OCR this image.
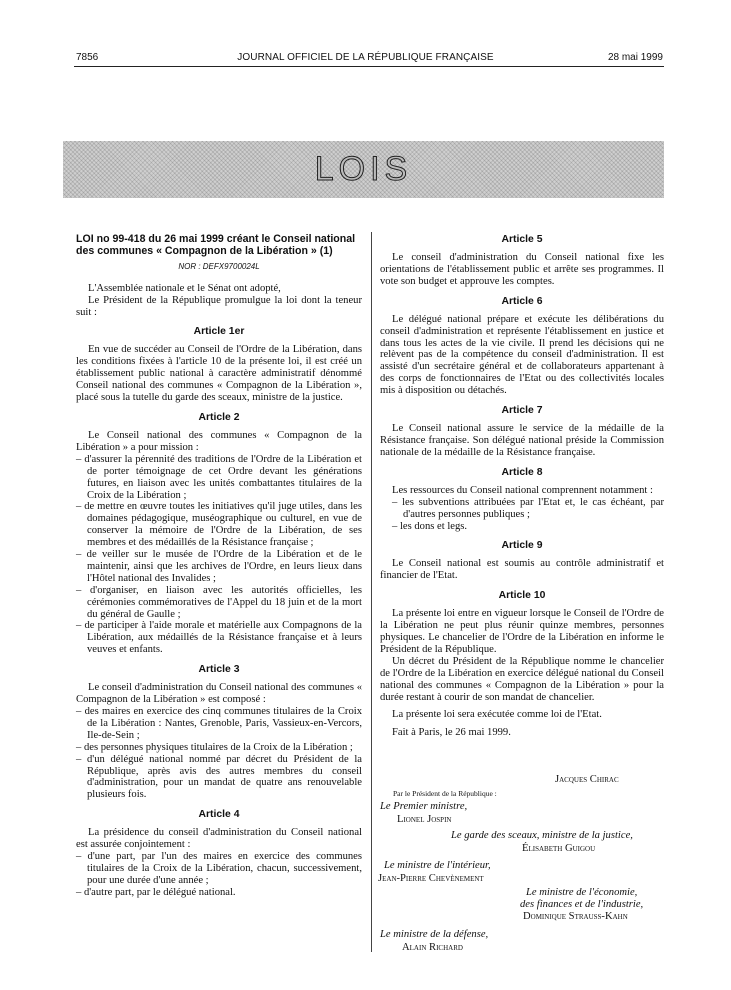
7856	JOURNAL OFFICIEL DE LA RÉPUBLIQUE FRANÇAISE	28 mai 1999
LOIS

LOI no 99-418 du 26 mai 1999 créant le Conseil national des communes « Compagnon de la Libération » (1)

NOR : DEFX9700024L

L'Assemblée nationale et le Sénat ont adopté,

Le Président de la République promulgue la loi dont la teneur suit :

Article 1er

En vue de succéder au Conseil de l'Ordre de la Libération, dans les conditions fixées à l'article 10 de la présente loi, il est créé un établissement public national à caractère administratif dénommé Conseil national des communes « Compagnon de la Libération », placé sous la tutelle du garde des sceaux, ministre de la justice.

Article 2

Le Conseil national des communes « Compagnon de la Libération » a pour mission :

– d'assurer la pérennité des traditions de l'Ordre de la Libération et de porter témoignage de cet Ordre devant les générations futures, en liaison avec les unités combattantes titulaires de la Croix de la Libération ;
– de mettre en œuvre toutes les initiatives qu'il juge utiles, dans les domaines pédagogique, muséographique ou culturel, en vue de conserver la mémoire de l'Ordre de la Libération, de ses membres et des médaillés de la Résistance française ;
– de veiller sur le musée de l'Ordre de la Libération et de le maintenir, ainsi que les archives de l'Ordre, en leurs lieux dans l'Hôtel national des Invalides ;
– d'organiser, en liaison avec les autorités officielles, les cérémonies commémoratives de l'Appel du 18 juin et de la mort du général de Gaulle ;
– de participer à l'aide morale et matérielle aux Compagnons de la Libération, aux médaillés de la Résistance française et à leurs veuves et enfants.
Article 3

Le conseil d'administration du Conseil national des communes « Compagnon de la Libération » est composé :

– des maires en exercice des cinq communes titulaires de la Croix de la Libération : Nantes, Grenoble, Paris, Vassieux-en-Vercors, Ile-de-Sein ;
– des personnes physiques titulaires de la Croix de la Libération ;
– d'un délégué national nommé par décret du Président de la République, après avis des autres membres du conseil d'administration, pour un mandat de quatre ans renouvelable plusieurs fois.
Article 4

La présidence du conseil d'administration du Conseil national est assurée conjointement :

– d'une part, par l'un des maires en exercice des communes titulaires de la Croix de la Libération, chacun, successivement, pour une durée d'une année ;
– d'autre part, par le délégué national.
Article 5

Le conseil d'administration du Conseil national fixe les orientations de l'établissement public et arrête ses programmes. Il vote son budget et approuve les comptes.

Article 6

Le délégué national prépare et exécute les délibérations du conseil d'administration et représente l'établissement en justice et dans tous les actes de la vie civile. Il prend les décisions qui ne relèvent pas de la compétence du conseil d'administration. Il est assisté d'un secrétaire général et de collaborateurs appartenant à des corps de fonctionnaires de l'Etat ou des collectivités locales mis à disposition ou détachés.

Article 7

Le Conseil national assure le service de la médaille de la Résistance française. Son délégué national préside la Commission nationale de la médaille de la Résistance française.

Article 8

Les ressources du Conseil national comprennent notamment :

– les subventions attribuées par l'Etat et, le cas échéant, par d'autres personnes publiques ;
– les dons et legs.
Article 9

Le Conseil national est soumis au contrôle administratif et financier de l'Etat.

Article 10

La présente loi entre en vigueur lorsque le Conseil de l'Ordre de la Libération ne peut plus réunir quinze membres, personnes physiques. Le chancelier de l'Ordre de la Libération en informe le Président de la République.

Un décret du Président de la République nomme le chancelier de l'Ordre de la Libération en exercice délégué national du Conseil national des communes « Compagnon de la Libération » pour la durée restant à courir de son mandat de chancelier.

La présente loi sera exécutée comme loi de l'Etat.

Fait à Paris, le 26 mai 1999.

Jacques Chirac
Par le Président de la République :
Le Premier ministre,
Lionel Jospin
Le garde des sceaux, ministre de la justice,
Élisabeth Guigou
Le ministre de l'intérieur,
Jean-Pierre Chevènement
Le ministre de l'économie,
des finances et de l'industrie,
Dominique Strauss-Kahn
Le ministre de la défense,
Alain Richard
